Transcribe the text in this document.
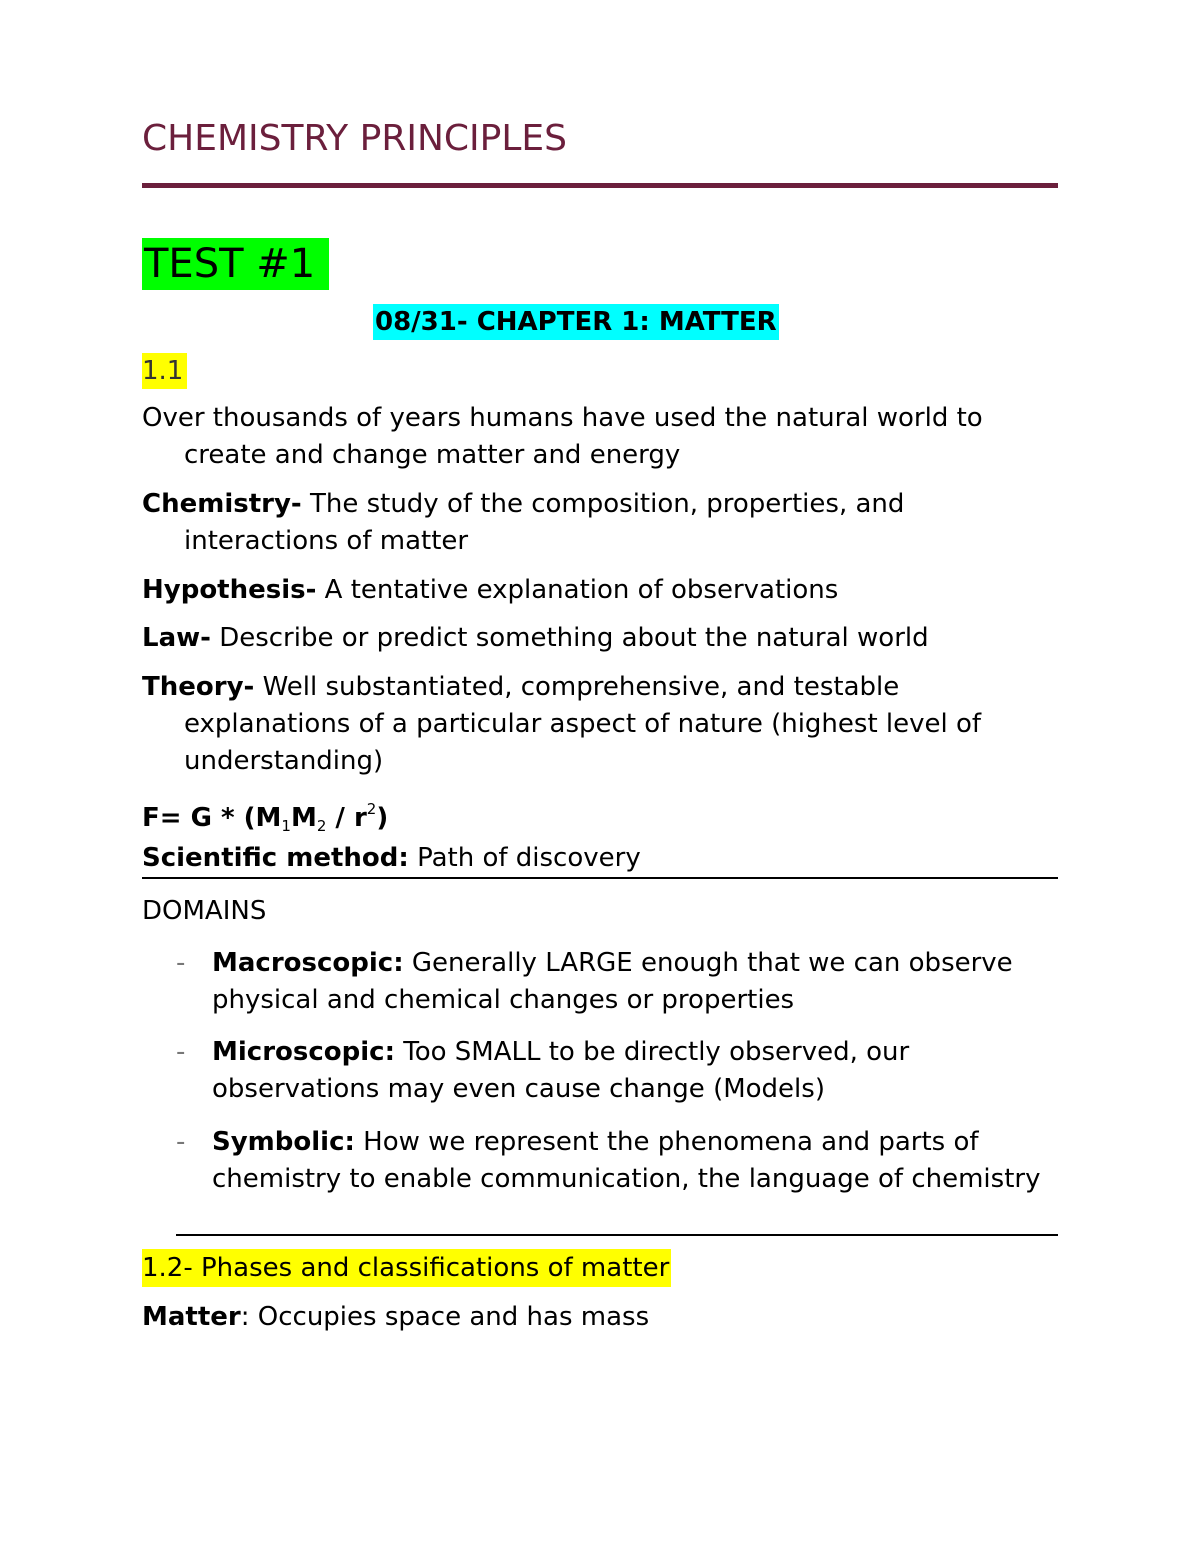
CHEMISTRY PRINCIPLES
TEST #1
08/31- CHAPTER 1: MATTER
1.1
Over thousands of years humans have used the natural world to create and change matter and energy
Chemistry- The study of the composition, properties, and interactions of matter
Hypothesis- A tentative explanation of observations
Law- Describe or predict something about the natural world
Theory- Well substantiated, comprehensive, and testable explanations of a particular aspect of nature (highest level of understanding)
$F= G * (M_1M_2 / r^2)$
Scientific method: Path of discovery
DOMAINS
- Macroscopic: Generally LARGE enough that we can observe physical and chemical changes or properties
- Microscopic: Too SMALL to be directly observed, our observations may even cause change (Models)
- Symbolic: How we represent the phenomena and parts of chemistry to enable communication, the language of chemistry
1.2- Phases and classifications of matter
Matter: Occupies space and has mass
